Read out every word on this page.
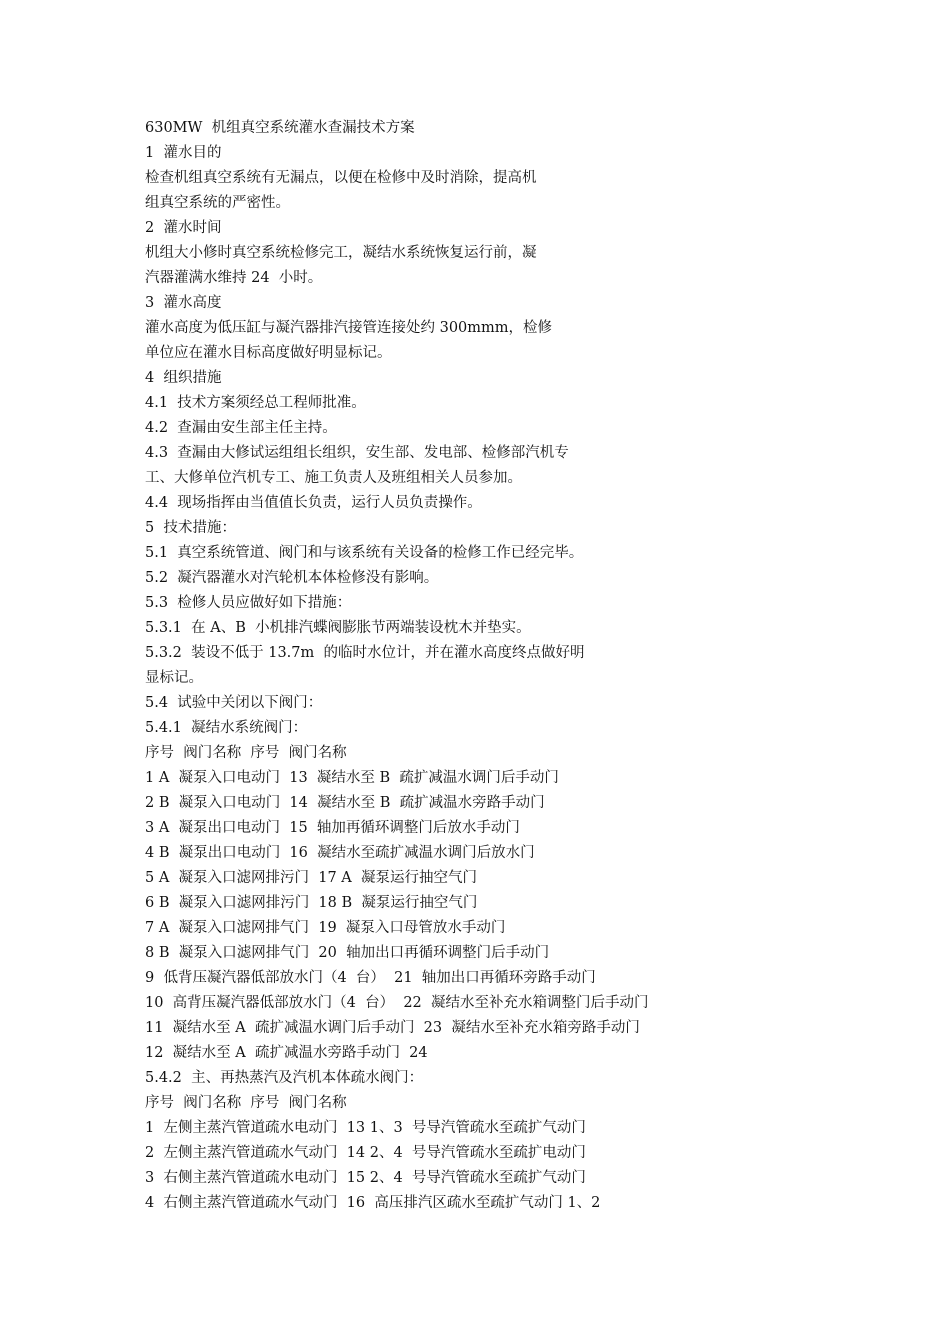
630MW  机组真空系统灌水查漏技术方案
1  灌水目的
检查机组真空系统有无漏点，以便在检修中及时消除，提高机
组真空系统的严密性。
2  灌水时间
机组大小修时真空系统检修完工，凝结水系统恢复运行前，凝
汽器灌满水维持 24  小时。
3  灌水高度
灌水高度为低压缸与凝汽器排汽接管连接处约 300mmm，检修
单位应在灌水目标高度做好明显标记。
4  组织措施
4.1  技术方案须经总工程师批准。
4.2  查漏由安生部主任主持。
4.3  查漏由大修试运组组长组织，安生部、发电部、检修部汽机专
工、大修单位汽机专工、施工负责人及班组相关人员参加。
4.4  现场指挥由当值值长负责，运行人员负责操作。
5  技术措施：
5.1  真空系统管道、阀门和与该系统有关设备的检修工作已经完毕。
5.2  凝汽器灌水对汽轮机本体检修没有影响。
5.3  检修人员应做好如下措施：
5.3.1  在 A、B  小机排汽蝶阀膨胀节两端装设枕木并垫实。
5.3.2  装设不低于 13.7m  的临时水位计，并在灌水高度终点做好明
显标记。
5.4  试验中关闭以下阀门：
5.4.1  凝结水系统阀门：
序号  阀门名称  序号  阀门名称
1 A  凝泵入口电动门  13  凝结水至 B  疏扩减温水调门后手动门
2 B  凝泵入口电动门  14  凝结水至 B  疏扩减温水旁路手动门
3 A  凝泵出口电动门  15  轴加再循环调整门后放水手动门
4 B  凝泵出口电动门  16  凝结水至疏扩减温水调门后放水门
5 A  凝泵入口滤网排污门  17 A  凝泵运行抽空气门
6 B  凝泵入口滤网排污门  18 B  凝泵运行抽空气门
7 A  凝泵入口滤网排气门  19  凝泵入口母管放水手动门
8 B  凝泵入口滤网排气门  20  轴加出口再循环调整门后手动门
9  低背压凝汽器低部放水门（4  台）  21  轴加出口再循环旁路手动门
10  高背压凝汽器低部放水门（4  台）  22  凝结水至补充水箱调整门后手动门
11  凝结水至 A  疏扩减温水调门后手动门  23  凝结水至补充水箱旁路手动门
12  凝结水至 A  疏扩减温水旁路手动门  24
5.4.2  主、再热蒸汽及汽机本体疏水阀门：
序号  阀门名称  序号  阀门名称
1  左侧主蒸汽管道疏水电动门  13 1、3  号导汽管疏水至疏扩气动门
2  左侧主蒸汽管道疏水气动门  14 2、4  号导汽管疏水至疏扩电动门
3  右侧主蒸汽管道疏水电动门  15 2、4  号导汽管疏水至疏扩气动门
4  右侧主蒸汽管道疏水气动门  16  高压排汽区疏水至疏扩气动门 1、2
